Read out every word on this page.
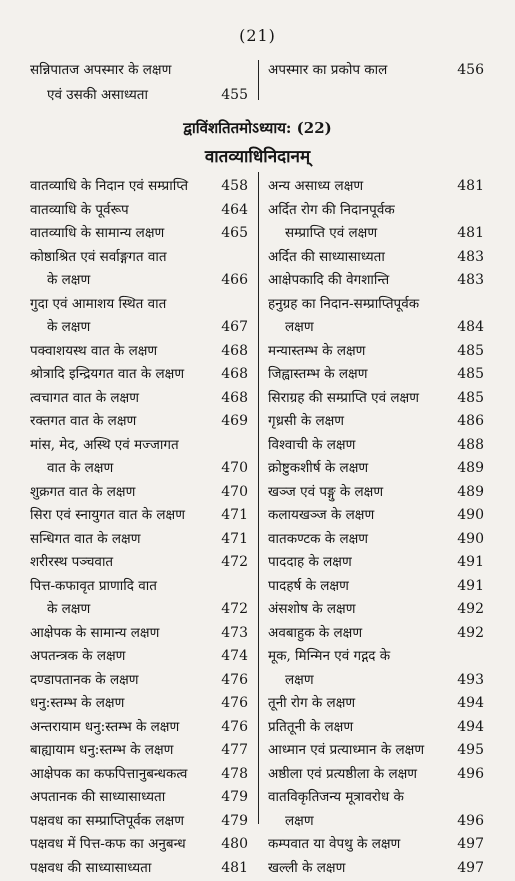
(21)
सन्निपातज अपस्मार के लक्षण
एवं उसकी असाध्यता	455
अपस्मार का प्रकोप काल	456
द्वाविंशतितमोऽध्याय: (22)
वातव्याधिनिदानम्
वातव्याधि के निदान एवं सम्प्राप्ति	458
वातव्याधि के पूर्वरूप	464
वातव्याधि के सामान्य लक्षण	465
कोष्ठाश्रित एवं सर्वाङ्गगत वात
के लक्षण	466
गुदा एवं आमाशय स्थित वात
के लक्षण	467
पक्वाशयस्थ वात के लक्षण	468
श्रोत्रादि इन्द्रियगत वात के लक्षण	468
त्वचागत वात के लक्षण	468
रक्तगत वात के लक्षण	469
मांस, मेद, अस्थि एवं मज्जागत
वात के लक्षण	470
शुक्रगत वात के लक्षण	470
सिरा एवं स्नायुगत वात के लक्षण	471
सन्धिगत वात के लक्षण	471
शरीरस्थ पञ्चवात	472
पित्त-कफावृत प्राणादि वात
के लक्षण	472
आक्षेपक के सामान्य लक्षण	473
अपतन्त्रक के लक्षण	474
दण्डापतानक के लक्षण	476
धनु:स्तम्भ के लक्षण	476
अन्तरायाम धनु:स्तम्भ के लक्षण	476
बाह्यायाम धनु:स्तम्भ के लक्षण	477
आक्षेपक का कफपित्तानुबन्धकत्व	478
अपतानक की साध्यासाध्यता	479
पक्षवध का सम्प्राप्तिपूर्वक लक्षण	479
पक्षवध में पित्त-कफ का अनुबन्ध	480
पक्षवध की साध्यासाध्यता	481
अन्य असाध्य लक्षण	481
अर्दित रोग की निदानपूर्वक
सम्प्राप्ति एवं लक्षण	481
अर्दित की साध्यासाध्यता	483
आक्षेपकादि की वेगशान्ति	483
हनुग्रह का निदान-सम्प्राप्तिपूर्वक
लक्षण	484
मन्यास्तम्भ के लक्षण	485
जिह्वास्तम्भ के लक्षण	485
सिराग्रह की सम्प्राप्ति एवं लक्षण	485
गृध्रसी के लक्षण	486
विश्वाची के लक्षण	488
क्रोष्टुकशीर्ष के लक्षण	489
खञ्ज एवं पङ्गु के लक्षण	489
कलायखञ्ज के लक्षण	490
वातकण्टक के लक्षण	490
पाददाह के लक्षण	491
पादहर्ष के लक्षण	491
अंसशोष के लक्षण	492
अवबाहुक के लक्षण	492
मूक, मिन्मिन एवं गद्गद के
लक्षण	493
तूनी रोग के लक्षण	494
प्रतितूनी के लक्षण	494
आध्मान एवं प्रत्याध्मान के लक्षण	495
अष्ठीला एवं प्रत्यष्ठीला के लक्षण	496
वातविकृतिजन्य मूत्रावरोध के
लक्षण	496
कम्पवात या वेपथु के लक्षण	497
खल्ली के लक्षण	497
